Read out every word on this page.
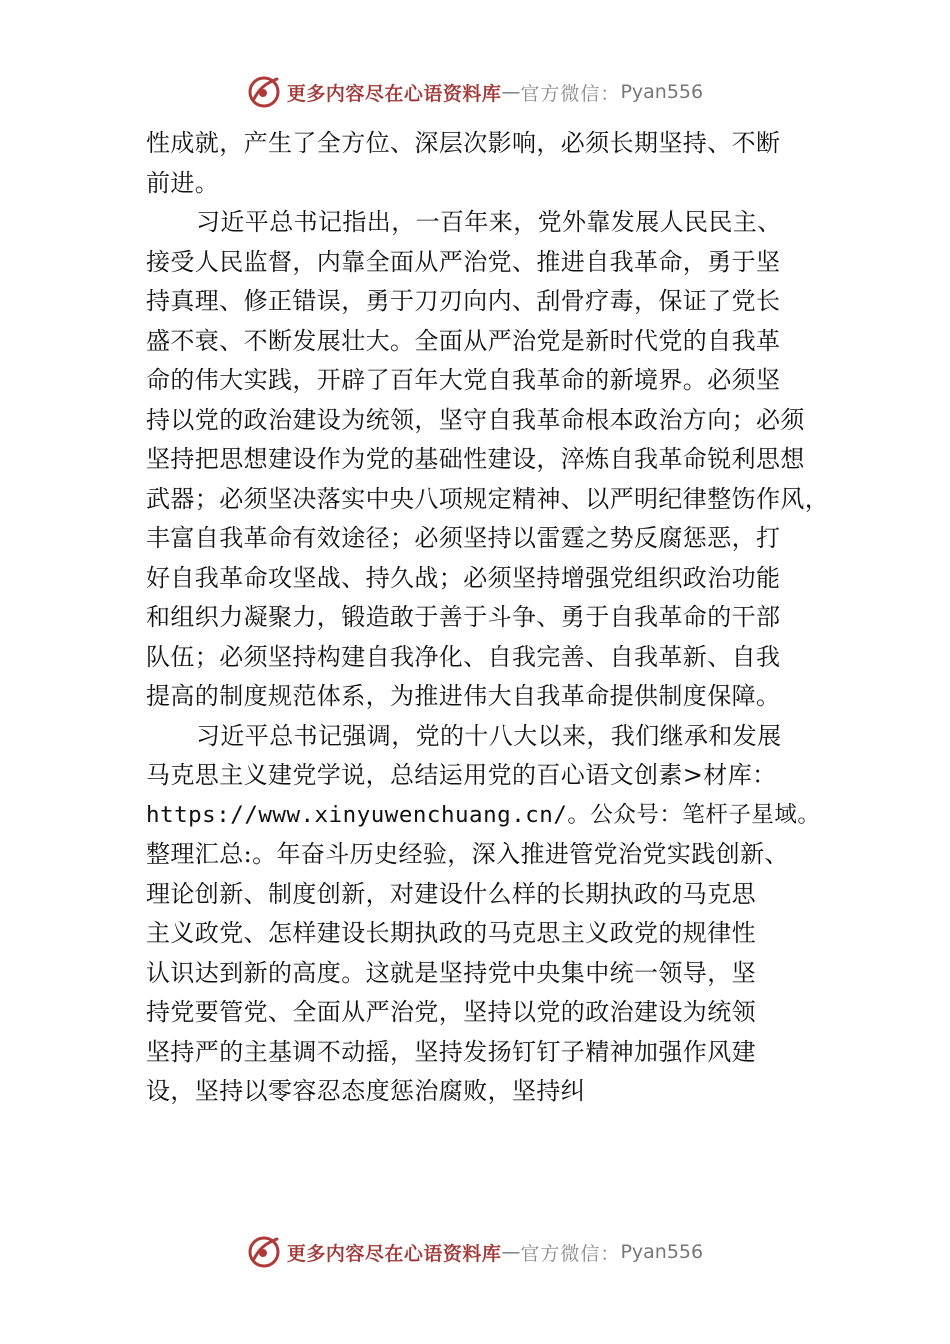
更多内容尽在心语资料库 — 官方微信： Pyan556
性成就，产生了全方位、深层次影响，必须长期坚持、不断
前进。
习近平总书记指出，一百年来，党外靠发展人民民主、
接受人民监督，内靠全面从严治党、推进自我革命，勇于坚
持真理、修正错误，勇于刀刃向内、刮骨疗毒，保证了党长
盛不衰、不断发展壮大。全面从严治党是新时代党的自我革
命的伟大实践，开辟了百年大党自我革命的新境界。必须坚
持以党的政治建设为统领，坚守自我革命根本政治方向；必须
坚持把思想建设作为党的基础性建设，淬炼自我革命锐利思想
武器；必须坚决落实中央八项规定精神、以严明纪律整饬作风，
丰富自我革命有效途径；必须坚持以雷霆之势反腐惩恶，打
好自我革命攻坚战、持久战；必须坚持增强党组织政治功能
和组织力凝聚力，锻造敢于善于斗争、勇于自我革命的干部
队伍；必须坚持构建自我净化、自我完善、自我革新、自我
提高的制度规范体系，为推进伟大自我革命提供制度保障。
习近平总书记强调，党的十八大以来，我们继承和发展
马克思主义建党学说，总结运用党的百心语文创素>材库：
https://www.xinyuwenchuang.cn/。公众号：笔杆子星域。
整理汇总:。年奋斗历史经验，深入推进管党治党实践创新、
理论创新、制度创新，对建设什么样的长期执政的马克思
主义政党、怎样建设长期执政的马克思主义政党的规律性
认识达到新的高度。这就是坚持党中央集中统一领导，坚
持党要管党、全面从严治党，坚持以党的政治建设为统领
坚持严的主基调不动摇，坚持发扬钉钉子精神加强作风建
设，坚持以零容忍态度惩治腐败，坚持纠
更多内容尽在心语资料库 — 官方微信： Pyan556
